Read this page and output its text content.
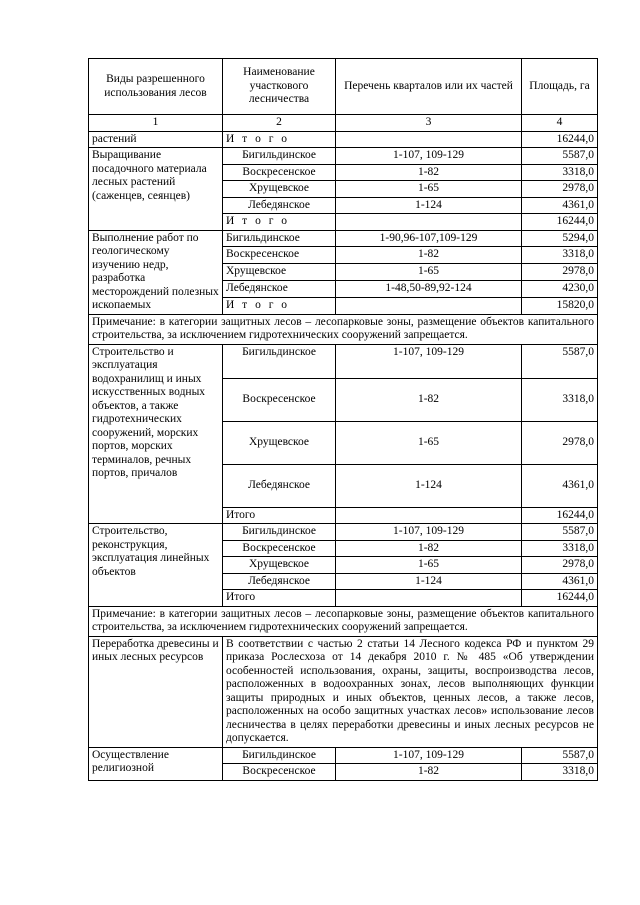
Виды разрешенного использования лесов	Наименование участкового лесничества	Перечень кварталов или их частей	Площадь, га
1	2	3	4
растений	И т о г о		16244,0
Выращивание посадочного материала лесных растений (саженцев, сеянцев)	Бигильдинское	1-107, 109-129	5587,0
	Воскресенское	1-82	3318,0
	Хрущевское	1-65	2978,0
	Лебедянское	1-124	4361,0
	И т о г о		16244,0
Выполнение работ по геологическому изучению недр, разработка месторождений полезных ископаемых	Бигильдинское	1-90,96-107,109-129	5294,0
	Воскресенское	1-82	3318,0
	Хрущевское	1-65	2978,0
	Лебедянское	1-48,50-89,92-124	4230,0
	И т о г о		15820,0
Примечание: в категории защитных лесов – лесопарковые зоны, размещение объектов капитального строительства, за исключением гидротехнических сооружений запрещается.			
Строительство и эксплуатация водохранилищ и иных искусственных водных объектов, а также гидротехнических сооружений, морских портов, морских терминалов, речных портов, причалов	Бигильдинское	1-107, 109-129	5587,0
	Воскресенское	1-82	3318,0
	Хрущевское	1-65	2978,0
	Лебедянское	1-124	4361,0
	Итого		16244,0
Строительство, реконструкция, эксплуатация линейных объектов	Бигильдинское	1-107, 109-129	5587,0
	Воскресенское	1-82	3318,0
	Хрущевское	1-65	2978,0
	Лебедянское	1-124	4361,0
	Итого		16244,0
Примечание: в категории защитных лесов – лесопарковые зоны, размещение объектов капитального строительства, за исключением гидротехнических сооружений запрещается.			
Переработка древесины и иных лесных ресурсов	В соответствии с частью 2 статьи 14 Лесного кодекса РФ и пунктом 29 приказа Рослесхоза от 14 декабря 2010 г. № 485 «Об утверждении особенностей использования, охраны, защиты, воспроизводства лесов, расположенных в водоохранных зонах, лесов выполняющих функции защиты природных и иных объектов, ценных лесов, а также лесов, расположенных на особо защитных участках лесов» использование лесов лесничества в целях переработки древесины и иных лесных ресурсов не допускается.		
Осуществление религиозной	Бигильдинское	1-107, 109-129	5587,0
	Воскресенское	1-82	3318,0
